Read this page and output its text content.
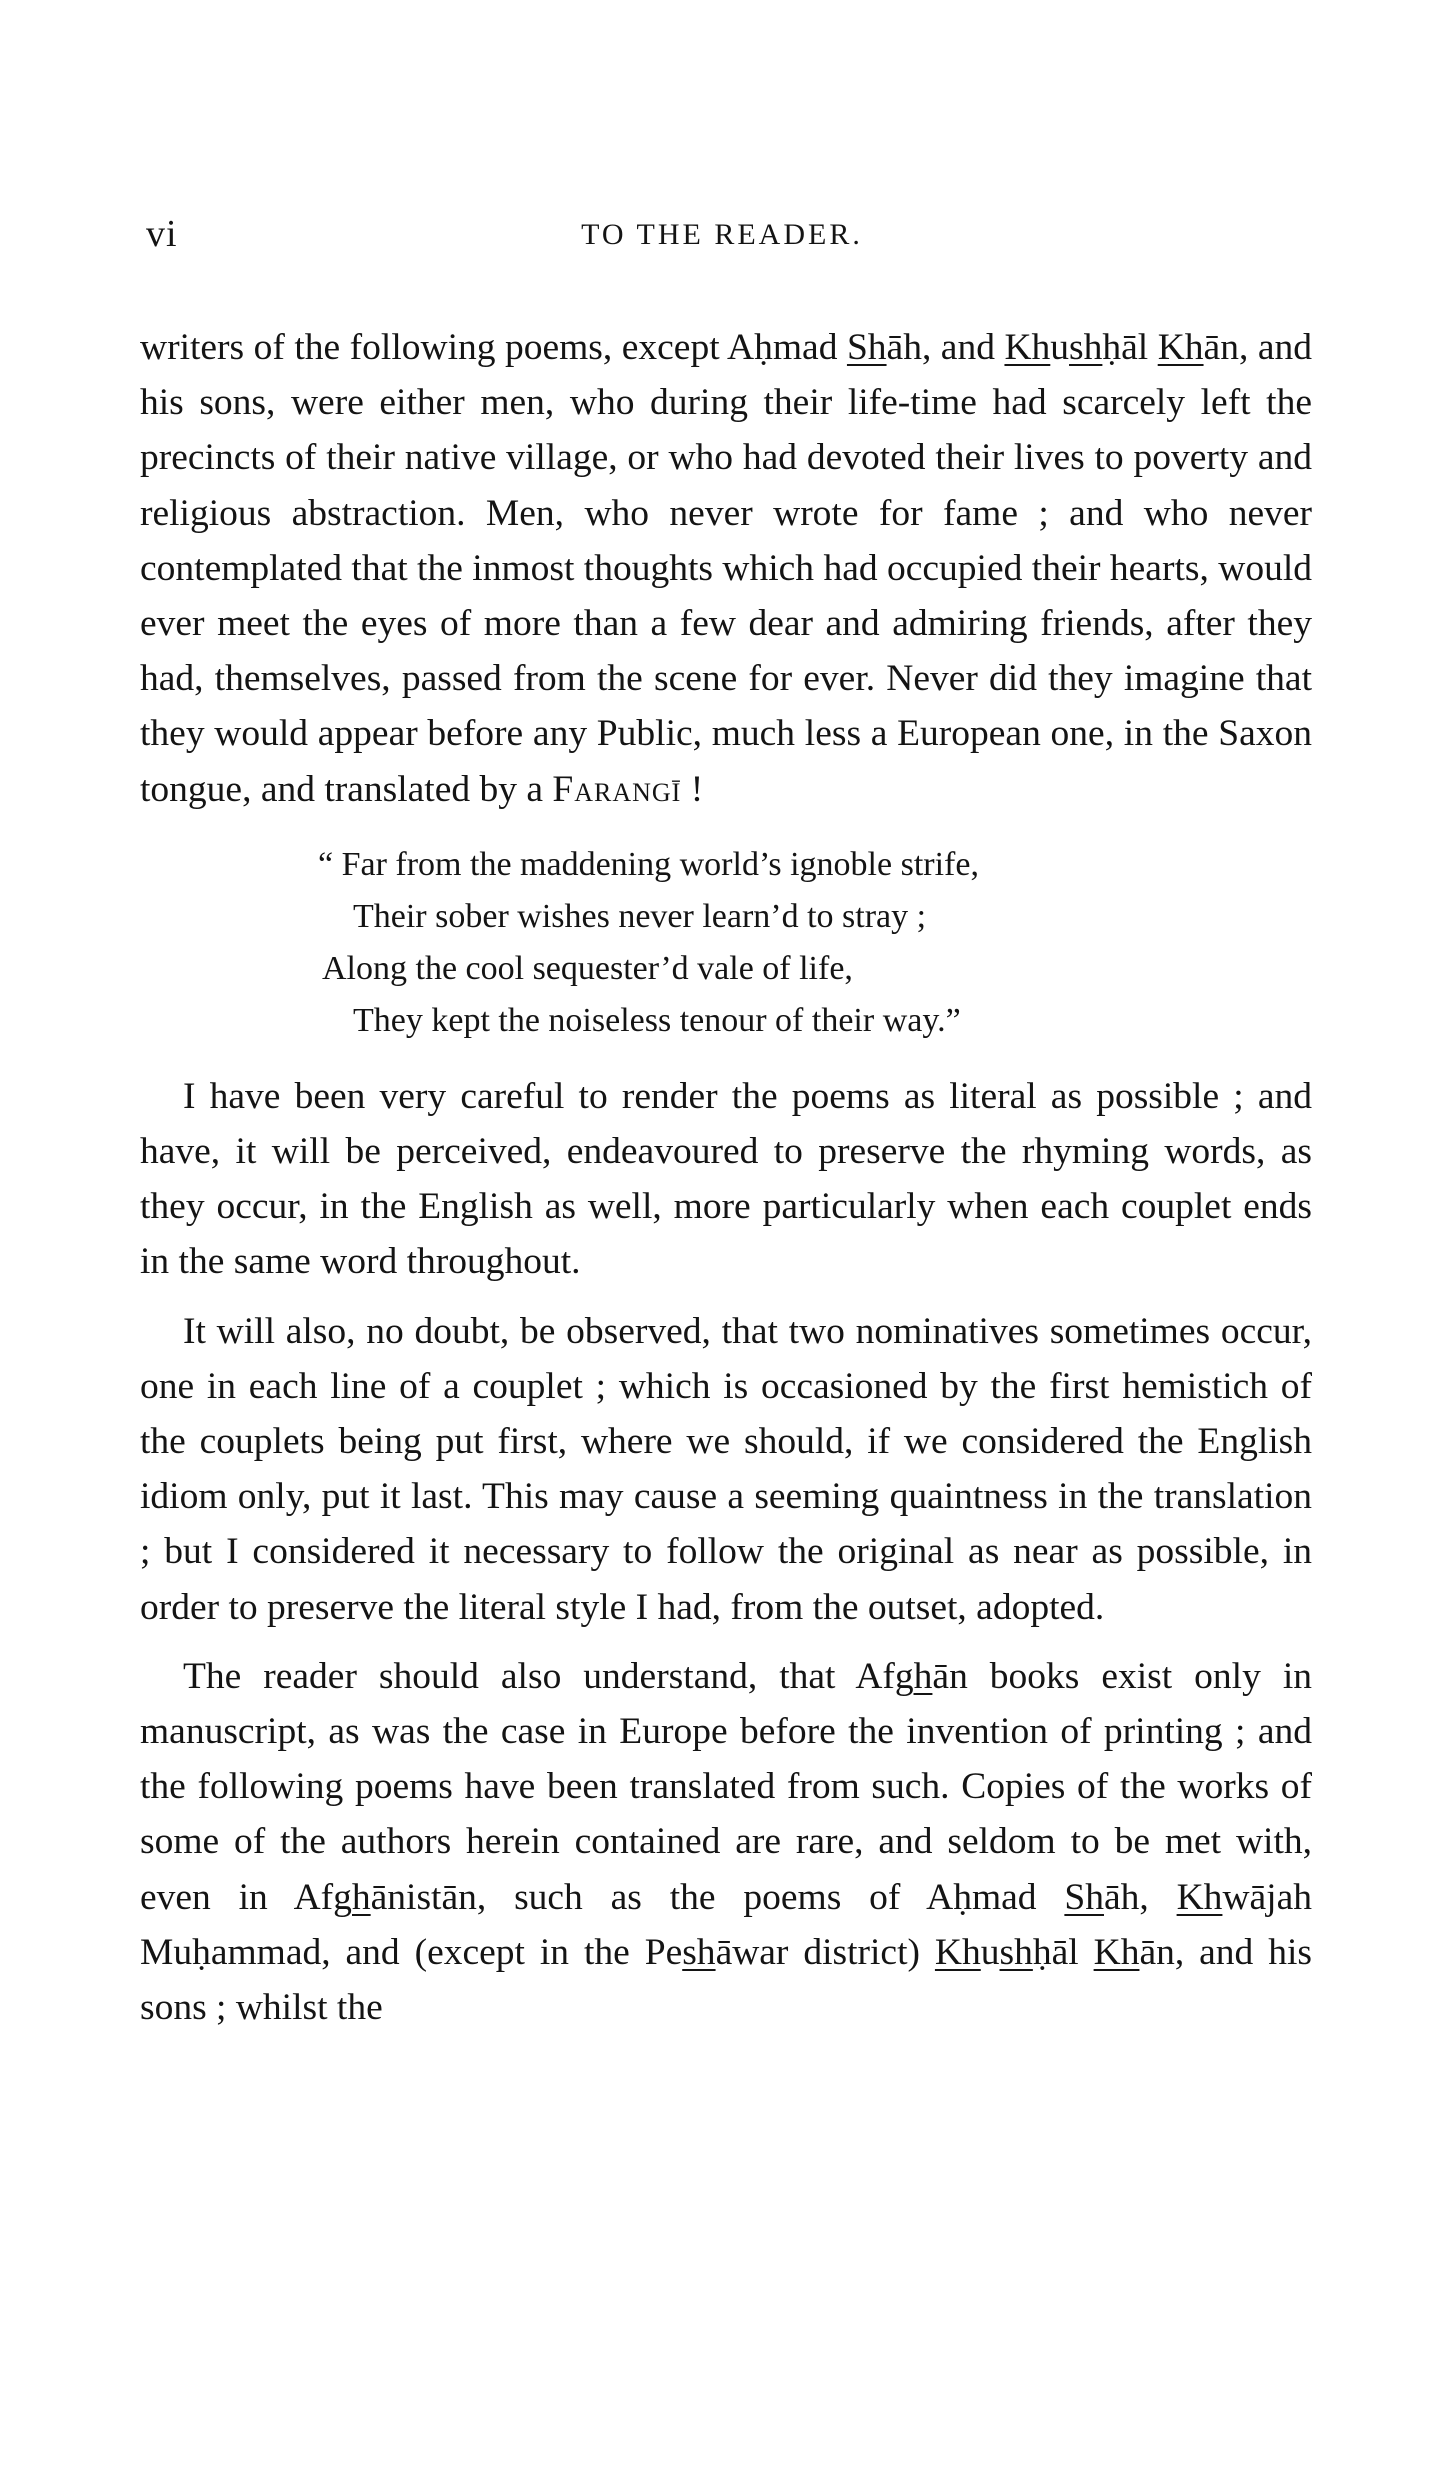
vi	TO THE READER.

writers of the following poems, except Aḥmad Shāh, and Khushḥāl Khān, and his sons, were either men, who during their life-time had scarcely left the precincts of their native village, or who had devoted their lives to poverty and religious abstraction. Men, who never wrote for fame ; and who never contemplated that the inmost thoughts which had occupied their hearts, would ever meet the eyes of more than a few dear and admiring friends, after they had, themselves, passed from the scene for ever. Never did they imagine that they would appear before any Public, much less a European one, in the Saxon tongue, and translated by a Farangī !

“ Far from the maddening world’s ignoble strife,
Their sober wishes never learn’d to stray ;
Along the cool sequester’d vale of life,
They kept the noiseless tenour of their way.”

I have been very careful to render the poems as literal as possible ; and have, it will be perceived, endeavoured to preserve the rhyming words, as they occur, in the English as well, more particularly when each couplet ends in the same word throughout.

It will also, no doubt, be observed, that two nominatives sometimes occur, one in each line of a couplet ; which is occasioned by the first hemistich of the couplets being put first, where we should, if we considered the English idiom only, put it last. This may cause a seeming quaintness in the translation ; but I considered it necessary to follow the original as near as possible, in order to preserve the literal style I had, from the outset, adopted.

The reader should also understand, that Afghān books exist only in manuscript, as was the case in Europe before the invention of printing ; and the following poems have been translated from such. Copies of the works of some of the authors herein contained are rare, and seldom to be met with, even in Afghānistān, such as the poems of Aḥmad Shāh, Khwājah Muḥammad, and (except in the Peshāwar district) Khushḥāl Khān, and his sons ; whilst the
